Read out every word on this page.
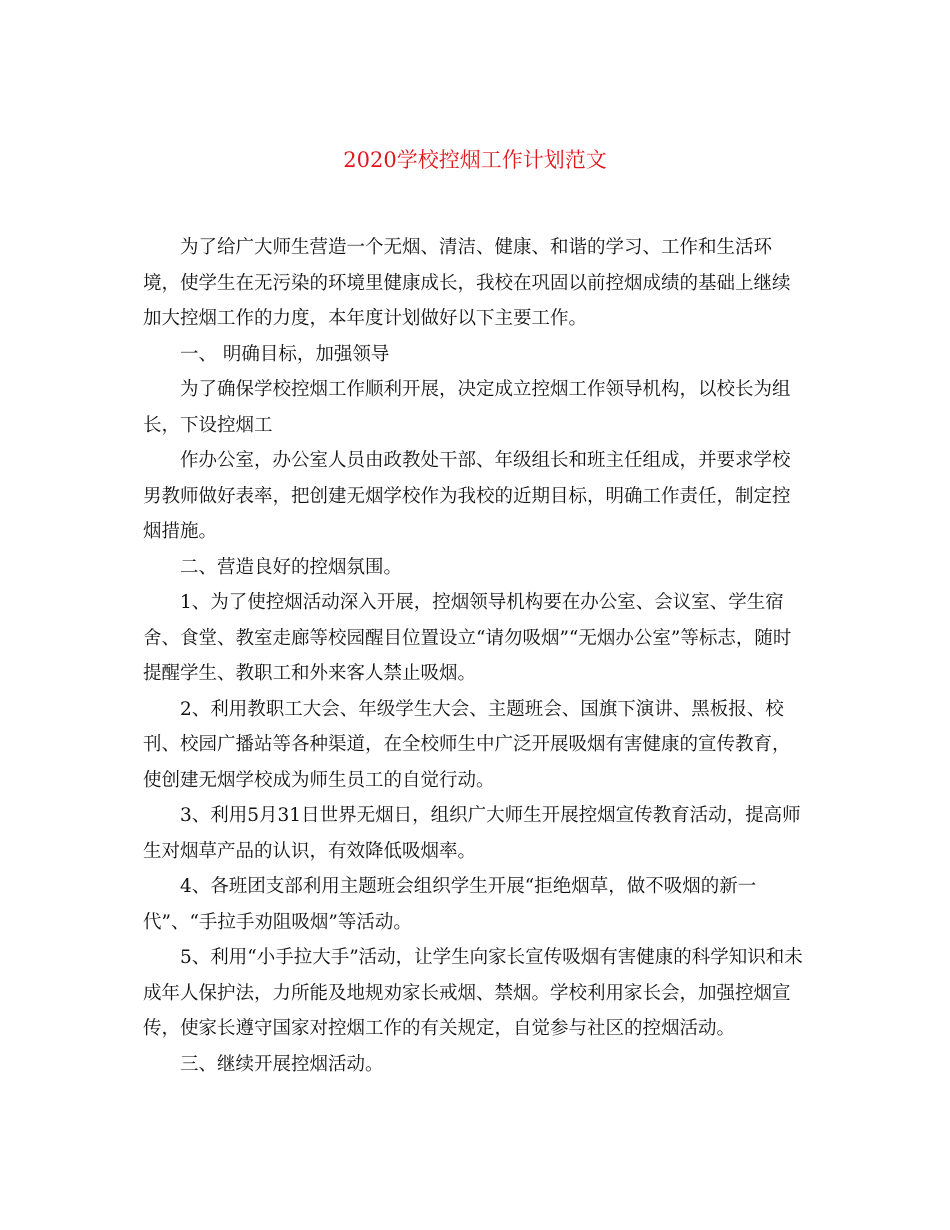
2020学校控烟工作计划范文

为了给广大师生营造一个无烟、清洁、健康、和谐的学习、工作和生活环境，使学生在无污染的环境里健康成长，我校在巩固以前控烟成绩的基础上继续加大控烟工作的力度，本年度计划做好以下主要工作。

一、 明确目标，加强领导

为了确保学校控烟工作顺利开展，决定成立控烟工作领导机构，以校长为组长，下设控烟工

作办公室，办公室人员由政教处干部、年级组长和班主任组成，并要求学校男教师做好表率，把创建无烟学校作为我校的近期目标，明确工作责任，制定控烟措施。

二、营造良好的控烟氛围。

1、为了使控烟活动深入开展，控烟领导机构要在办公室、会议室、学生宿舍、食堂、教室走廊等校园醒目位置设立“请勿吸烟”“无烟办公室”等标志，随时提醒学生、教职工和外来客人禁止吸烟。

2、利用教职工大会、年级学生大会、主题班会、国旗下演讲、黑板报、校刊、校园广播站等各种渠道，在全校师生中广泛开展吸烟有害健康的宣传教育，使创建无烟学校成为师生员工的自觉行动。

3、利用5月31日世界无烟日，组织广大师生开展控烟宣传教育活动，提高师生对烟草产品的认识，有效降低吸烟率。

4、各班团支部利用主题班会组织学生开展“拒绝烟草，做不吸烟的新一代”、“手拉手劝阻吸烟”等活动。

5、利用“小手拉大手”活动，让学生向家长宣传吸烟有害健康的科学知识和未成年人保护法，力所能及地规劝家长戒烟、禁烟。学校利用家长会，加强控烟宣传，使家长遵守国家对控烟工作的有关规定，自觉参与社区的控烟活动。

三、继续开展控烟活动。
